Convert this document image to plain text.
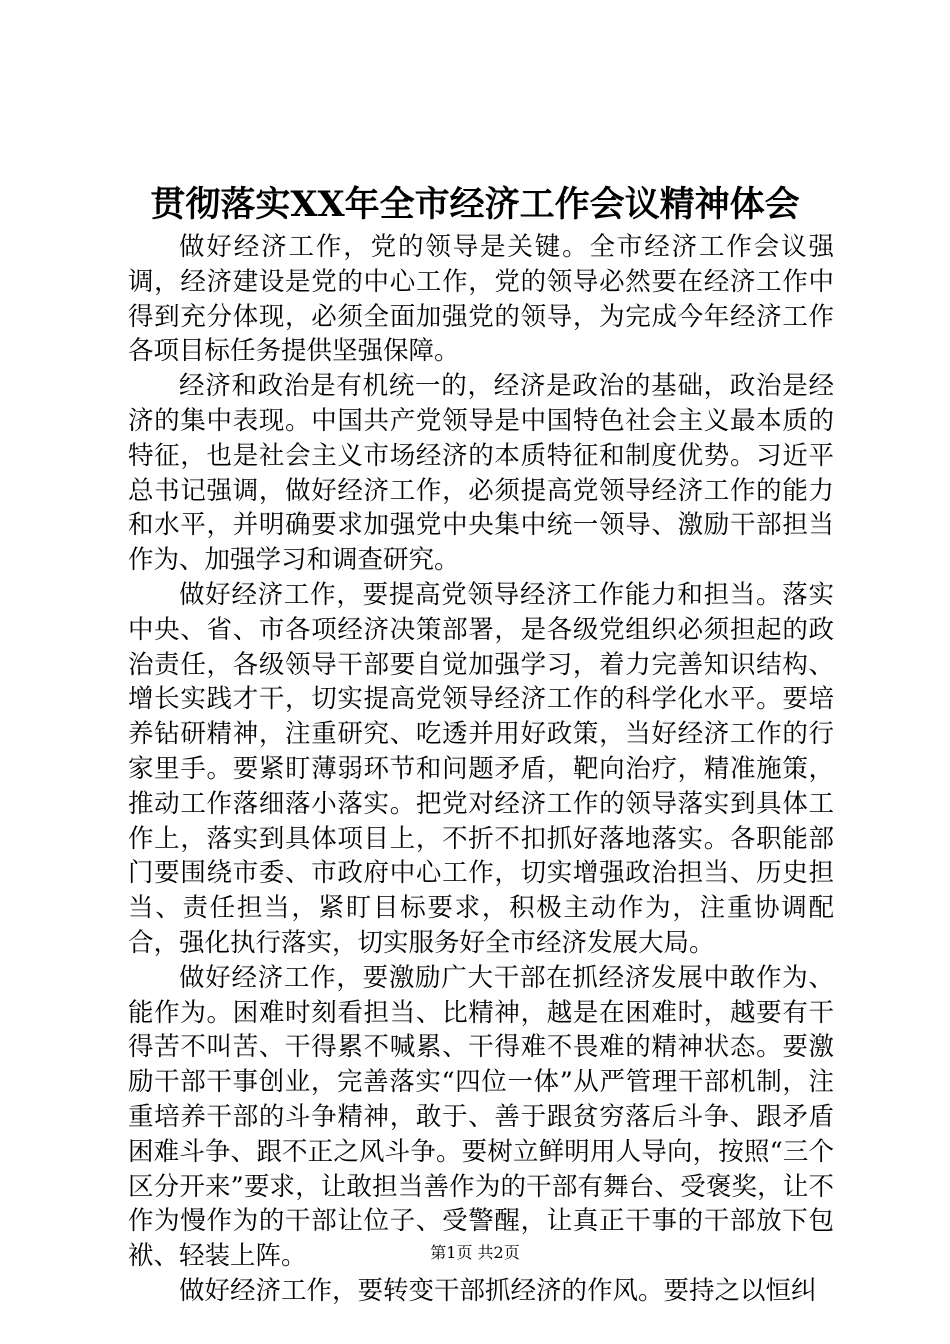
贯彻落实XX年全市经济工作会议精神体会

做好经济工作，党的领导是关键。全市经济工作会议强调，经济建设是党的中心工作，党的领导必然要在经济工作中得到充分体现，必须全面加强党的领导，为完成今年经济工作各项目标任务提供坚强保障。

经济和政治是有机统一的，经济是政治的基础，政治是经济的集中表现。中国共产党领导是中国特色社会主义最本质的特征，也是社会主义市场经济的本质特征和制度优势。习近平总书记强调，做好经济工作，必须提高党领导经济工作的能力和水平，并明确要求加强党中央集中统一领导、激励干部担当作为、加强学习和调查研究。

做好经济工作，要提高党领导经济工作能力和担当。落实中央、省、市各项经济决策部署，是各级党组织必须担起的政治责任，各级领导干部要自觉加强学习，着力完善知识结构、增长实践才干，切实提高党领导经济工作的科学化水平。要培养钻研精神，注重研究、吃透并用好政策，当好经济工作的行家里手。要紧盯薄弱环节和问题矛盾，靶向治疗，精准施策，推动工作落细落小落实。把党对经济工作的领导落实到具体工作上，落实到具体项目上，不折不扣抓好落地落实。各职能部门要围绕市委、市政府中心工作，切实增强政治担当、历史担当、责任担当，紧盯目标要求，积极主动作为，注重协调配合，强化执行落实，切实服务好全市经济发展大局。

做好经济工作，要激励广大干部在抓经济发展中敢作为、能作为。困难时刻看担当、比精神，越是在困难时，越要有干得苦不叫苦、干得累不喊累、干得难不畏难的精神状态。要激励干部干事创业，完善落实“四位一体”从严管理干部机制，注重培养干部的斗争精神，敢于、善于跟贫穷落后斗争、跟矛盾困难斗争、跟不正之风斗争。要树立鲜明用人导向，按照“三个区分开来”要求，让敢担当善作为的干部有舞台、受褒奖，让不作为慢作为的干部让位子、受警醒，让真正干事的干部放下包袱、轻装上阵。

做好经济工作，要转变干部抓经济的作风。要持之以恒纠

第1页 共2页
